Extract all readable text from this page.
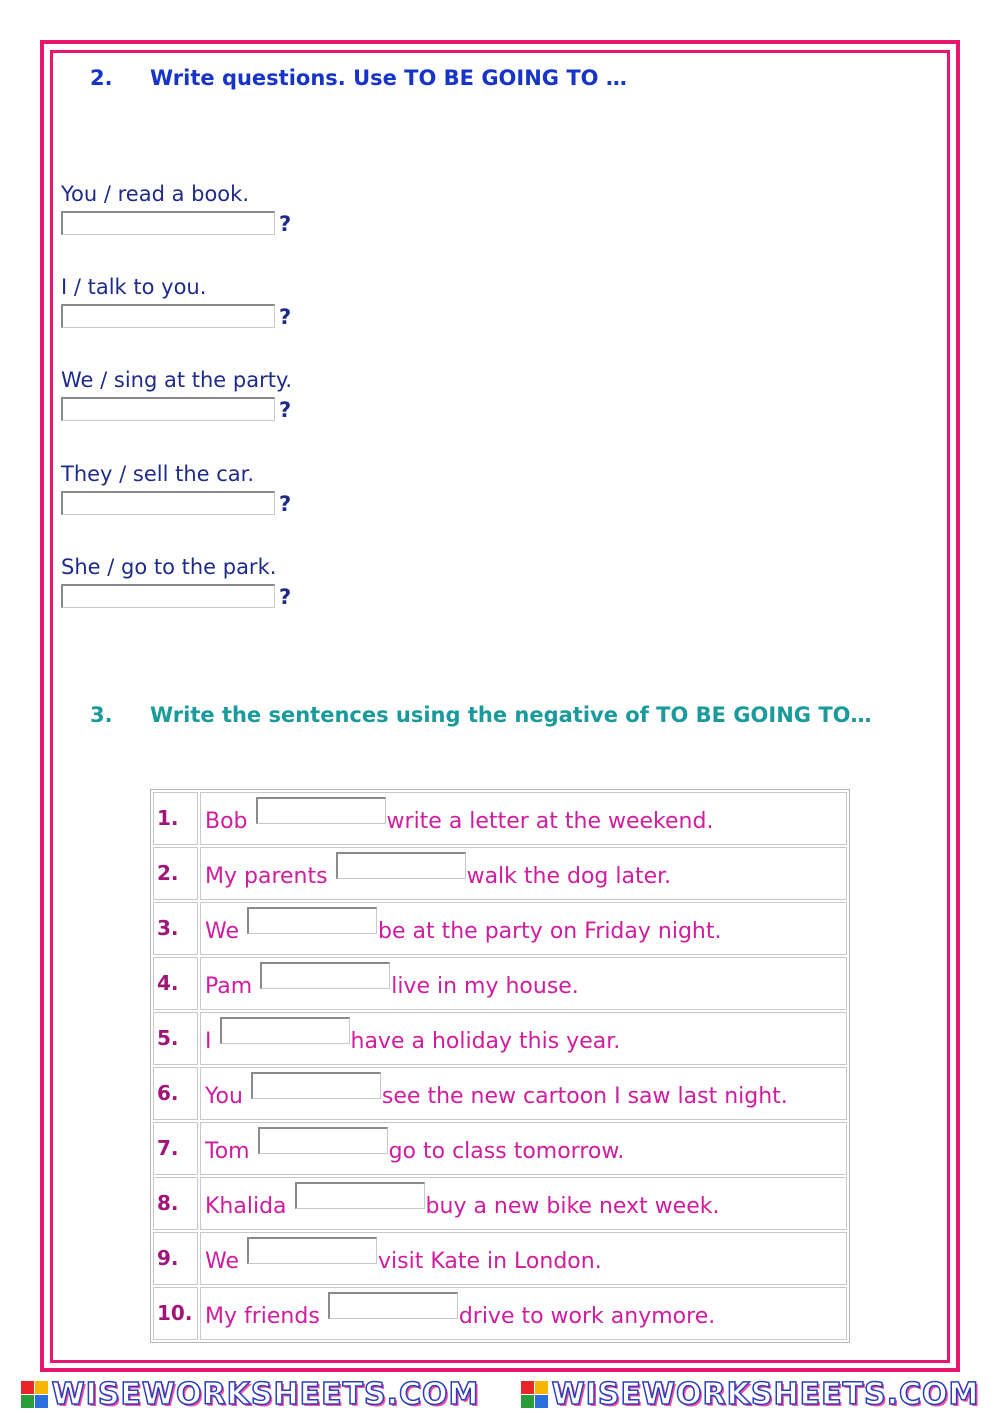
2. Write questions. Use TO BE GOING TO …
You / read a book.
?
I / talk to you.
?
We / sing at the party.
?
They / sell the car.
?
She / go to the park.
?
3. Write the sentences using the negative of TO BE GOING TO…
1.	Bob write a letter at the weekend.
2.	My parents walk the dog later.
3.	We be at the party on Friday night.
4.	Pam live in my house.
5.	I have a holiday this year.
6.	You see the new cartoon I saw last night.
7.	Tom go to class tomorrow.
8.	Khalida buy a new bike next week.
9.	We visit Kate in London.
10.	My friends drive to work anymore.
WISEWORKSHEETS.COM WISEWORKSHEETS.COM
